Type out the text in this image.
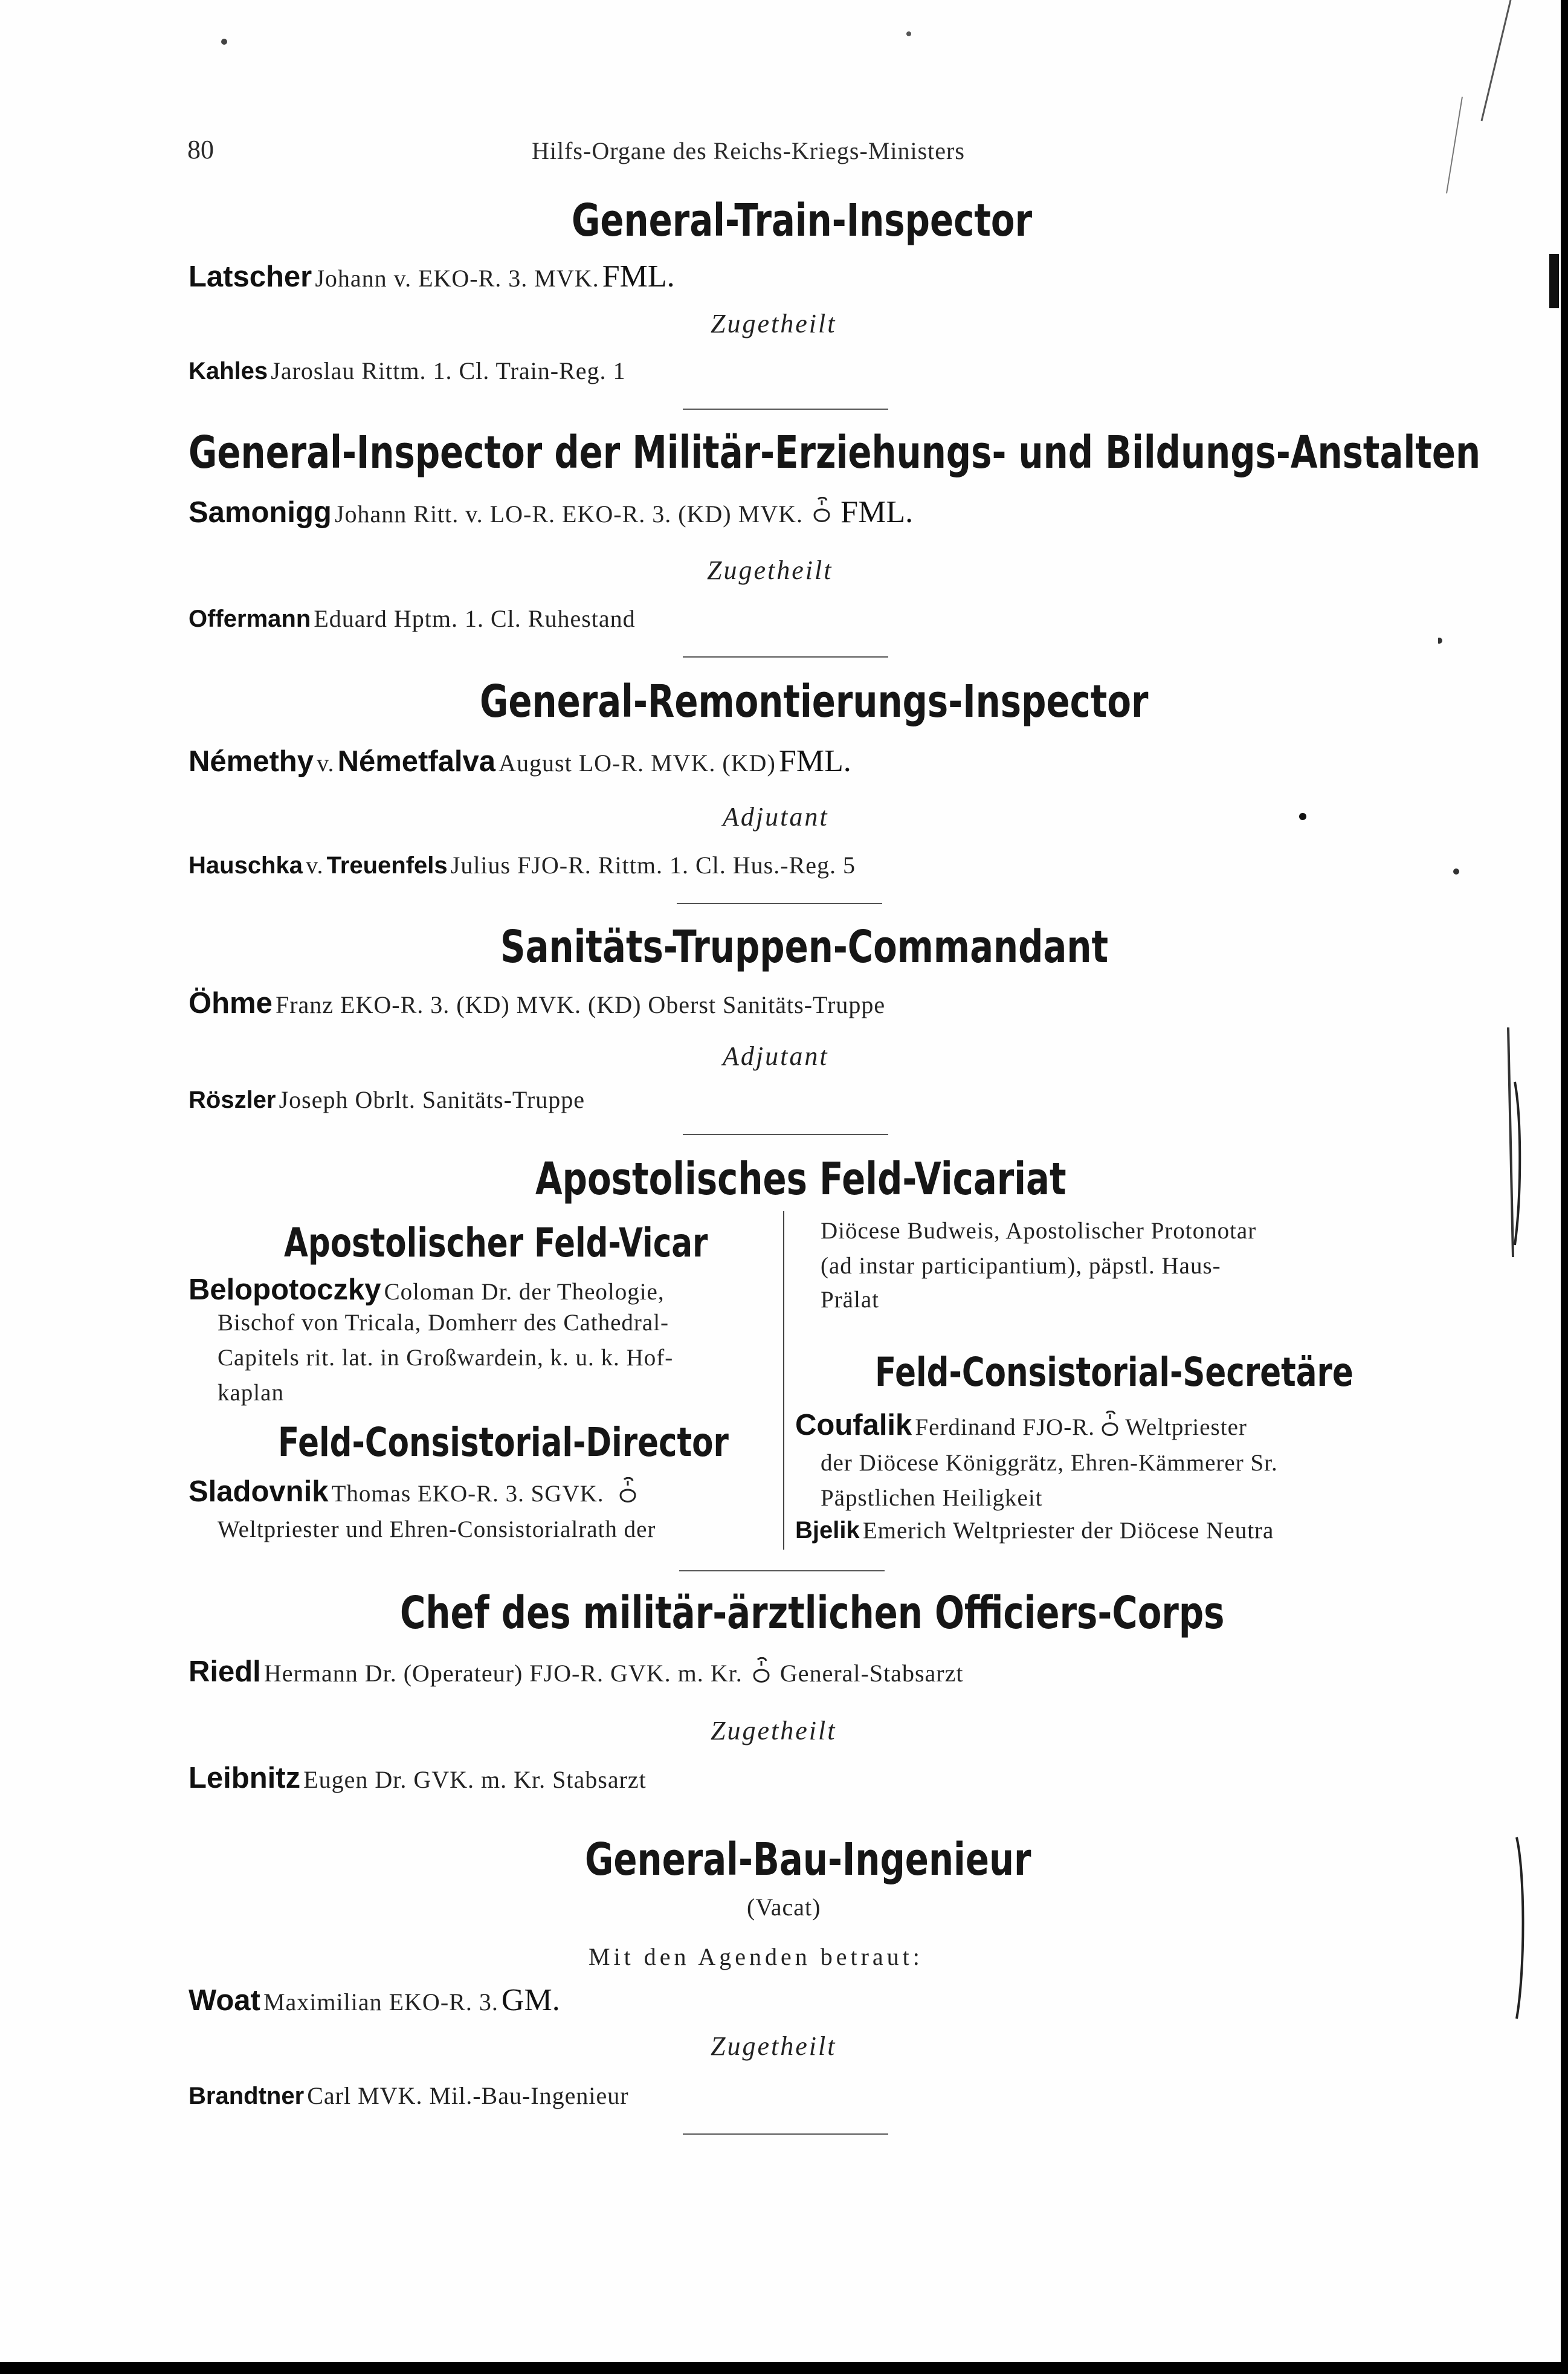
80	Hilfs-Organe des Reichs-Kriegs-Ministers
General-Train-Inspector
Latscher Johann v. EKO-R. 3. MVK. FML.
Zugetheilt
Kahles Jaroslau Rittm. 1. Cl. Train-Reg. 1
General-Inspector der Militär-Erziehungs- und Bildungs-Anstalten
Samonigg Johann Ritt. v. LO-R. EKO-R. 3. (KD) MVK. FML.
Zugetheilt
Offermann Eduard Hptm. 1. Cl. Ruhestand
General-Remontierungs-Inspector
Némethy v. Németfalva August LO-R. MVK. (KD) FML.
Adjutant
Hauschka v. Treuenfels Julius FJO-R. Rittm. 1. Cl. Hus.-Reg. 5
Sanitäts-Truppen-Commandant
Öhme Franz EKO-R. 3. (KD) MVK. (KD) Oberst Sanitäts-Truppe
Adjutant
Röszler Joseph Obrlt. Sanitäts-Truppe
Apostolisches Feld-Vicariat
Apostolischer Feld-Vicar
Belopotoczky Coloman Dr. der Theologie,
Bischof von Tricala, Domherr des Cathedral-
Capitels rit. lat. in Großwardein, k. u. k. Hof-
kaplan
Feld-Consistorial-Director
Sladovnik Thomas EKO-R. 3. SGVK.
Weltpriester und Ehren-Consistorialrath der
Diöcese Budweis, Apostolischer Protonotar
(ad instar participantium), päpstl. Haus-
Prälat
Feld-Consistorial-Secretäre
Coufalik Ferdinand FJO-R. Weltpriester
der Diöcese Königgrätz, Ehren-Kämmerer Sr.
Päpstlichen Heiligkeit
Bjelik Emerich Weltpriester der Diöcese Neutra
Chef des militär-ärztlichen Officiers-Corps
Riedl Hermann Dr. (Operateur) FJO-R. GVK. m. Kr. General-Stabsarzt
Zugetheilt
Leibnitz Eugen Dr. GVK. m. Kr. Stabsarzt
General-Bau-Ingenieur
(Vacat)
Mit den Agenden betraut:
Woat Maximilian EKO-R. 3. GM.
Zugetheilt
Brandtner Carl MVK. Mil.-Bau-Ingenieur
